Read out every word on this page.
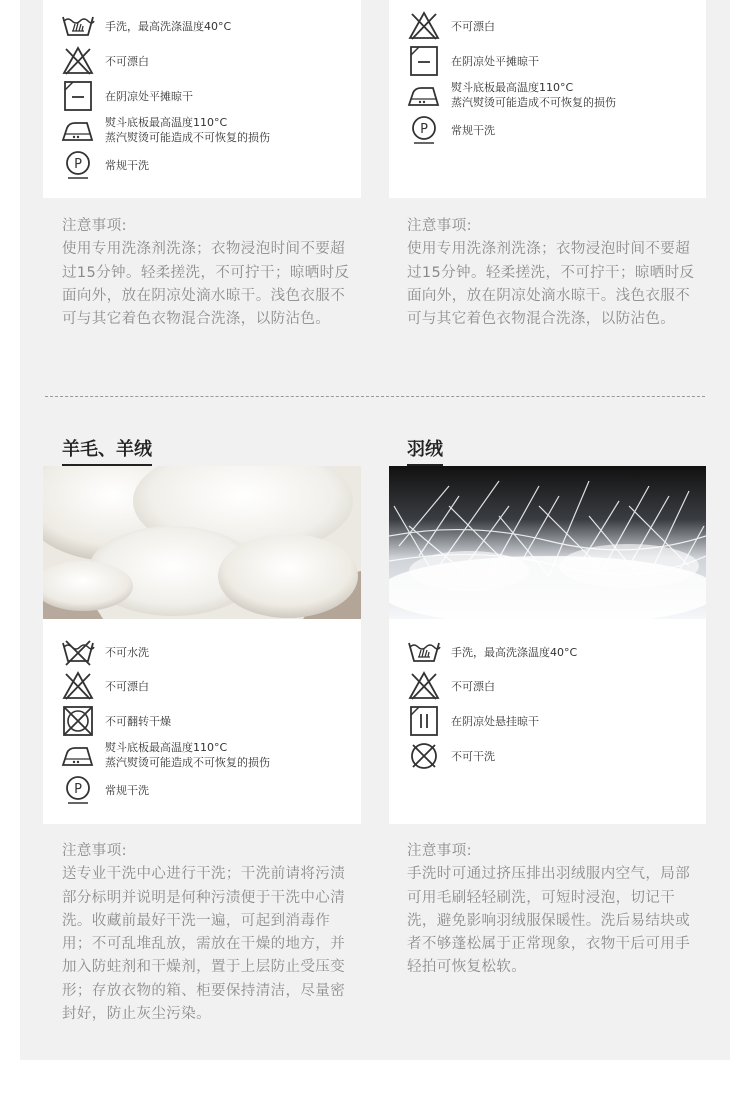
手洗，最高洗涤温度40°C
不可漂白
在阴凉处平摊晾干
熨斗底板最高温度110°C
蒸汽熨烫可能造成不可恢复的损伤
P 常规干洗
注意事项:
使用专用洗涤剂洗涤；衣物浸泡时间不要超过15分钟。轻柔搓洗，不可拧干；晾晒时反面向外，放在阴凉处滴水晾干。浅色衣服不可与其它着色衣物混合洗涤，以防沾色。
不可漂白
在阴凉处平摊晾干
熨斗底板最高温度110°C
蒸汽熨烫可能造成不可恢复的损伤
P 常规干洗
注意事项:
使用专用洗涤剂洗涤；衣物浸泡时间不要超过15分钟。轻柔搓洗，不可拧干；晾晒时反面向外，放在阴凉处滴水晾干。浅色衣服不可与其它着色衣物混合洗涤，以防沾色。
羊毛、羊绒
不可水洗
不可漂白
不可翻转干燥
熨斗底板最高温度110°C
蒸汽熨烫可能造成不可恢复的损伤
P 常规干洗
注意事项:
送专业干洗中心进行干洗；干洗前请将污渍部分标明并说明是何种污渍便于干洗中心清洗。收藏前最好干洗一遍，可起到消毒作用；不可乱堆乱放，需放在干燥的地方，并加入防蛀剂和干燥剂，置于上层防止受压变形；存放衣物的箱、柜要保持清洁，尽量密封好，防止灰尘污染。
羽绒
手洗，最高洗涤温度40°C
不可漂白
在阴凉处悬挂晾干
不可干洗
注意事项:
手洗时可通过挤压排出羽绒服内空气，局部可用毛刷轻轻刷洗，可短时浸泡，切记干洗，避免影响羽绒服保暖性。洗后易结块或者不够蓬松属于正常现象，衣物干后可用手轻拍可恢复松软。
